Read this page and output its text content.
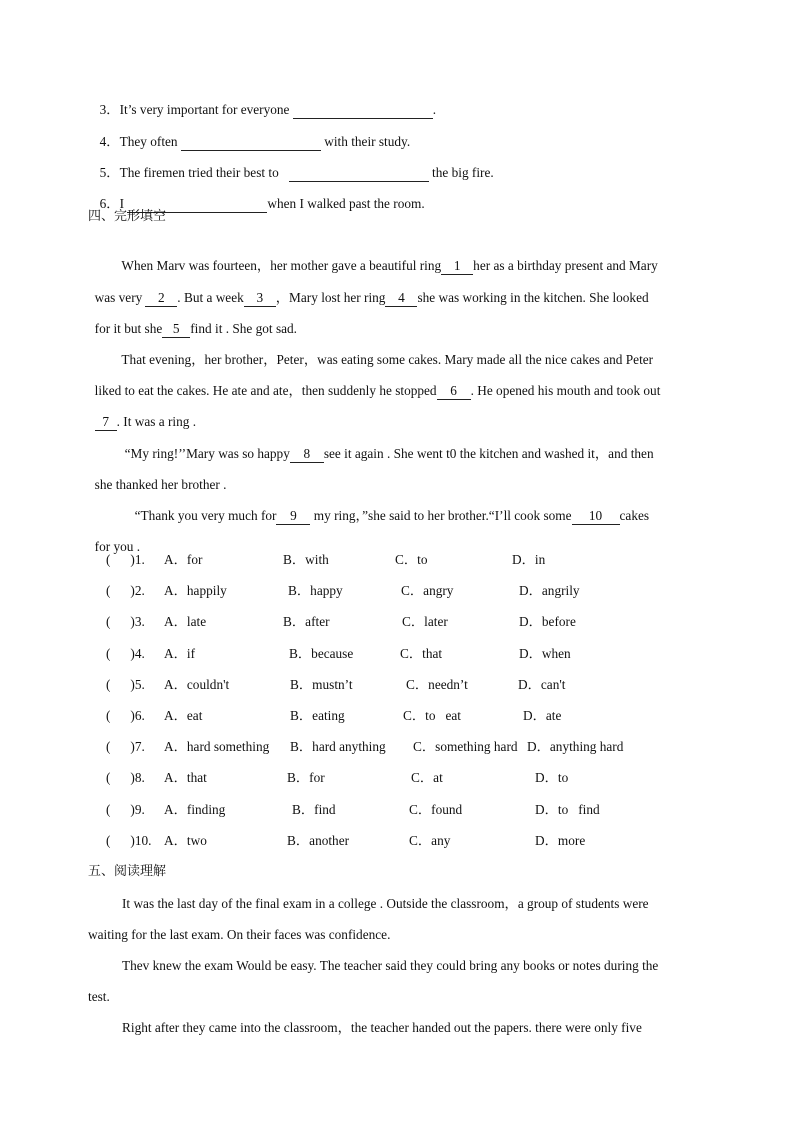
3．It’s very important for everyone	.

4．They often	with their study.

5．The firemen tried their best to	the big fire.

6．I	when I walked past the room.

四、完形填空

When Marv was fourteen，her mother gave a beautiful ring 1 her as a birthday present and Mary

was very 2 . But a week 3 ，Mary lost her ring 4 she was working in the kitchen. She looked

for it but she 5 find it . She got sad.

That evening，her brother，Peter，was eating some cakes. Mary made all the nice cakes and Peter

liked to eat the cakes. He ate and ate，then suddenly he stopped 6 . He opened his mouth and took out

7 . It was a ring .

“My ring!’’Mary was so happy 8 see it again . She went t0 the kitchen and washed it，and then

she thanked her brother .

“Thank you very much for 9 my ring，”she said to her brother.“I’ll cook some 10 cakes

for you .

( )1. A．for	B．with	C．to	D．in
( )2. A．happily	B．happy	C．angry	D．angrily
( )3. A．late	B．after	C．later	D．before
( )4. A．if	B．because	C．that	D．when
( )5. A．couldn't	B．mustn’t	C．needn’t	D．can't
( )6. A．eat	B．eating	C．to   eat	D．ate
( )7. A．hard something B．hard anything C．something hard D．anything hard
( )8. A．that	B．for	C．at	D．to
( )9. A．finding	B．find	C．found	D．to   find
( )10. A．two	B．another	C．any	D．more
五、阅读理解
It was the last day of the final exam in a college . Outside the classroom，a group of students were
waiting for the last exam. On their faces was confidence.
Thev knew the exam Would be easy. The teacher said they could bring any books or notes during the
test.
Right after they came into the classroom，the teacher handed out the papers. there were only five
